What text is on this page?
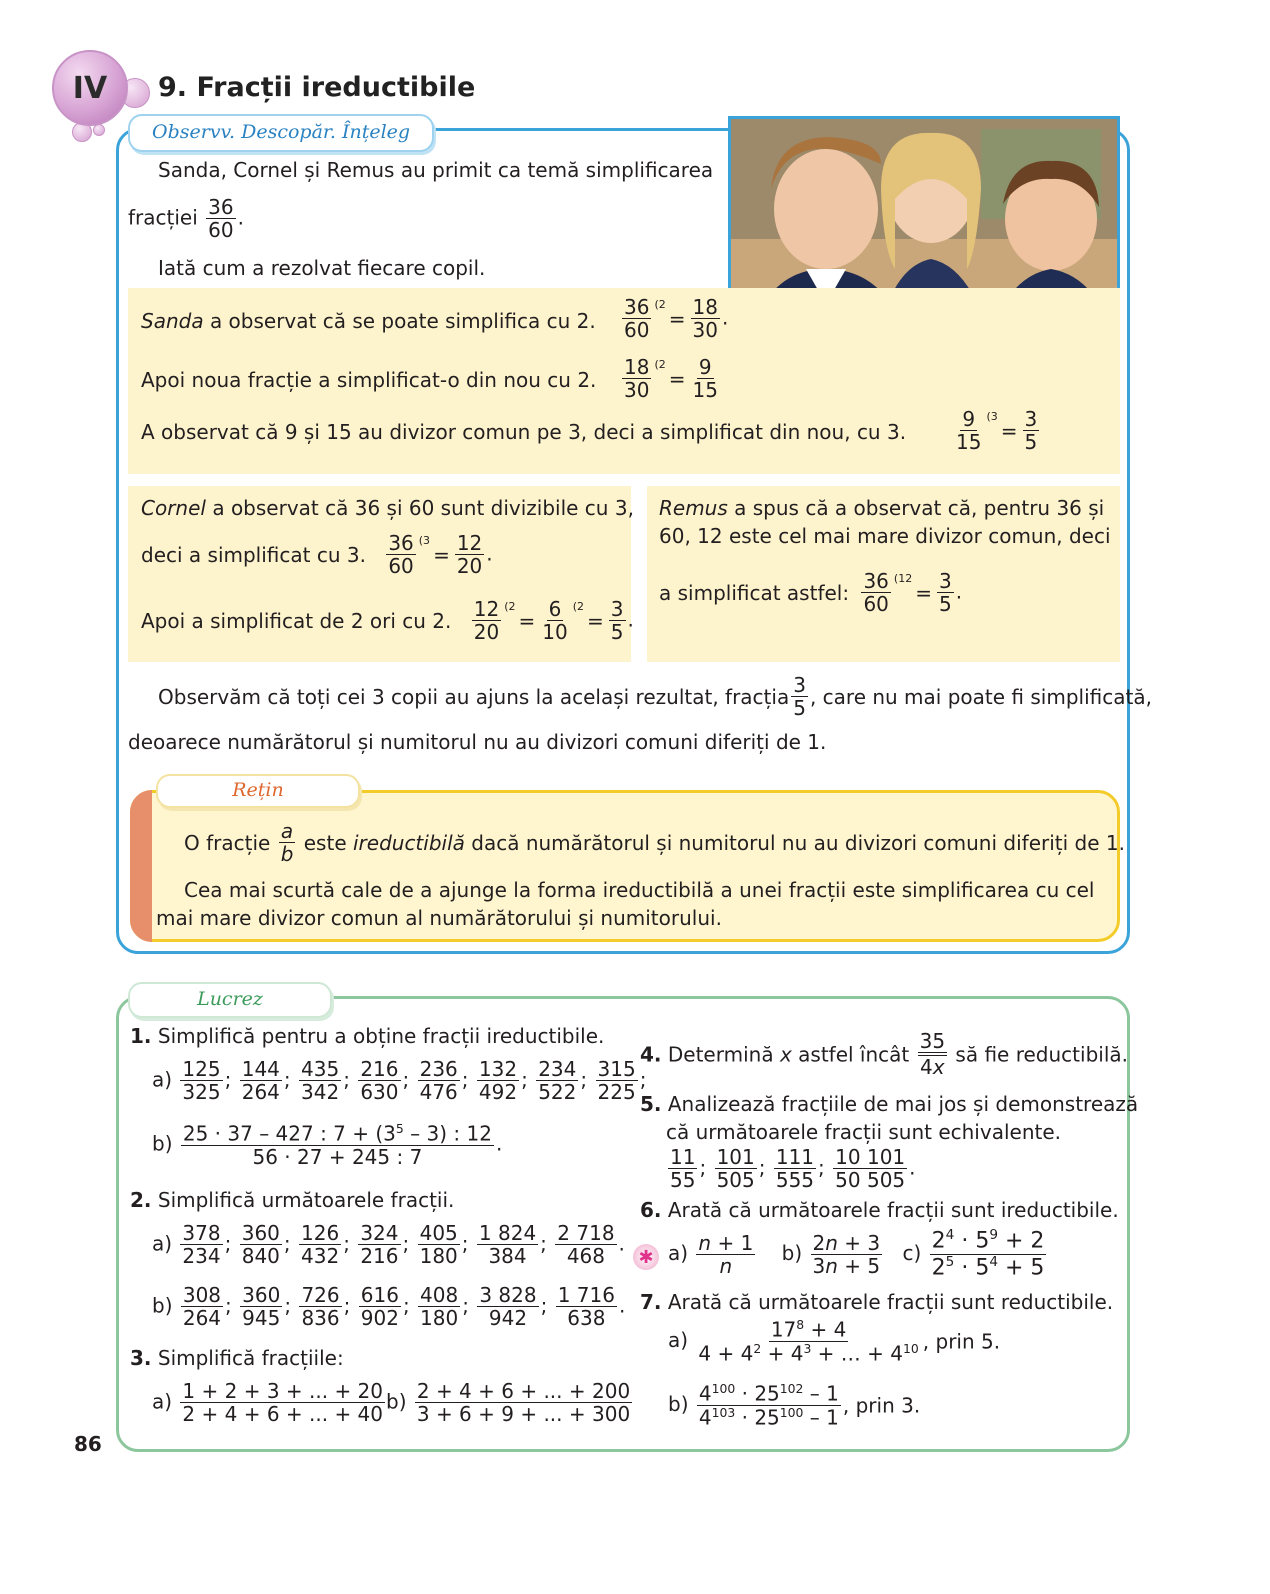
IV	9. Fracții ireductibile
Observv. Descopăr. Înțeleg
Sanda, Cornel și Remus au primit ca temă simplificarea
fracției $\frac{36}{60}$ .
Iată cum a rezolvat fiecare copil.
Sanda a observat că se poate simplifica cu 2. $\frac{36}{60} ^{(2}= \frac{18}{30}$ .
Apoi noua fracție a simplificat-o din nou cu 2. $\frac{18}{30} ^{(2}= \frac{9}{15}$
A observat că 9 și 15 au divizor comun pe 3, deci a simplificat din nou, cu 3. $\frac{9}{15} ^{(3}= \frac{3}{5}$
Cornel a observat că 36 și 60 sunt divizibile cu 3,
deci a simplificat cu 3. $\frac{36}{60} ^{(3}= \frac{12}{20}$ .
Apoi a simplificat de 2 ori cu 2. $\frac{12}{20} ^{(2}= \frac{6}{10} ^{(2}= \frac{3}{5}$ .
Remus a spus că a observat că, pentru 36 și
60, 12 este cel mai mare divizor comun, deci
a simplificat astfel: $\frac{36}{60} ^{(12}= \frac{3}{5}$ .
Observăm că toți cei 3 copii au ajuns la același rezultat, fracția $\frac{3}{5}$ , care nu mai poate fi simplificată,
deoarece numărătorul și numitorul nu au divizori comuni diferiți de 1.
Rețin
O fracție $\frac{a}{b}$ este ireductibilă dacă numărătorul și numitorul nu au divizori comuni diferiți de 1.
Cea mai scurtă cale de a ajunge la forma ireductibilă a unei fracții este simplificarea cu cel
mai mare divizor comun al numărătorului și numitorului.
Lucrez
1. Simplifică pentru a obține fracții ireductibile.
$a) \frac{125}{325}$ ; $\frac{144}{264}$ ; $\frac{435}{342}$ ; $\frac{216}{630}$ ; $\frac{236}{476}$ ; $\frac{132}{492}$ ; $\frac{234}{522}$ ; $\frac{315}{225}$ ;
$b) \frac{25 \cdot 37 - 427 : 7 + (3^5 - 3) : 12}{56 \cdot 27 + 245 : 7}$ .
2. Simplifică următoarele fracții.
$a) \frac{378}{234}$ ; $\frac{360}{840}$ ; $\frac{126}{432}$ ; $\frac{324}{216}$ ; $\frac{405}{180}$ ; $\frac{1 824}{384}$ ; $\frac{2 718}{468}$ .
$b) \frac{308}{264}$ ; $\frac{360}{945}$ ; $\frac{726}{836}$ ; $\frac{616}{902}$ ; $\frac{408}{180}$ ; $\frac{3 828}{942}$ ; $\frac{1 716}{638}$ .
3. Simplifică fracțiile:
$a) \frac{1 + 2 + 3 + ... + 20}{2 + 4 + 6 + ... + 40} b) \frac{2 + 4 + 6 + ... + 200}{3 + 6 + 9 + ... + 300}$
4. Determină x astfel încât $\frac{35}{4x}$ să fie reductibilă.
5. Analizează fracțiile de mai jos și demonstrează
că următoarele fracții sunt echivalente.
$\frac{11}{55}$ ; $\frac{101}{505}$ ; $\frac{111}{555}$ ; $\frac{10 101}{50 505}$ .
6. Arată că următoarele fracții sunt ireductibile.
✱ $a) \frac{n + 1}{n} b) \frac{2n + 3}{3n + 5} c) \frac{2^4 \cdot 5^9 + 2}{2^5 \cdot 5^4 + 5}$
7. Arată că următoarele fracții sunt reductibile.
$a) \frac{17^8 + 4}{4 + 4^2 + 4^3 + \dots + 4^{10}}$ , prin 5.
$b) \frac{4^{100} \cdot 25^{102} - 1}{4^{103} \cdot 25^{100} - 1}$ , prin 3.
86
